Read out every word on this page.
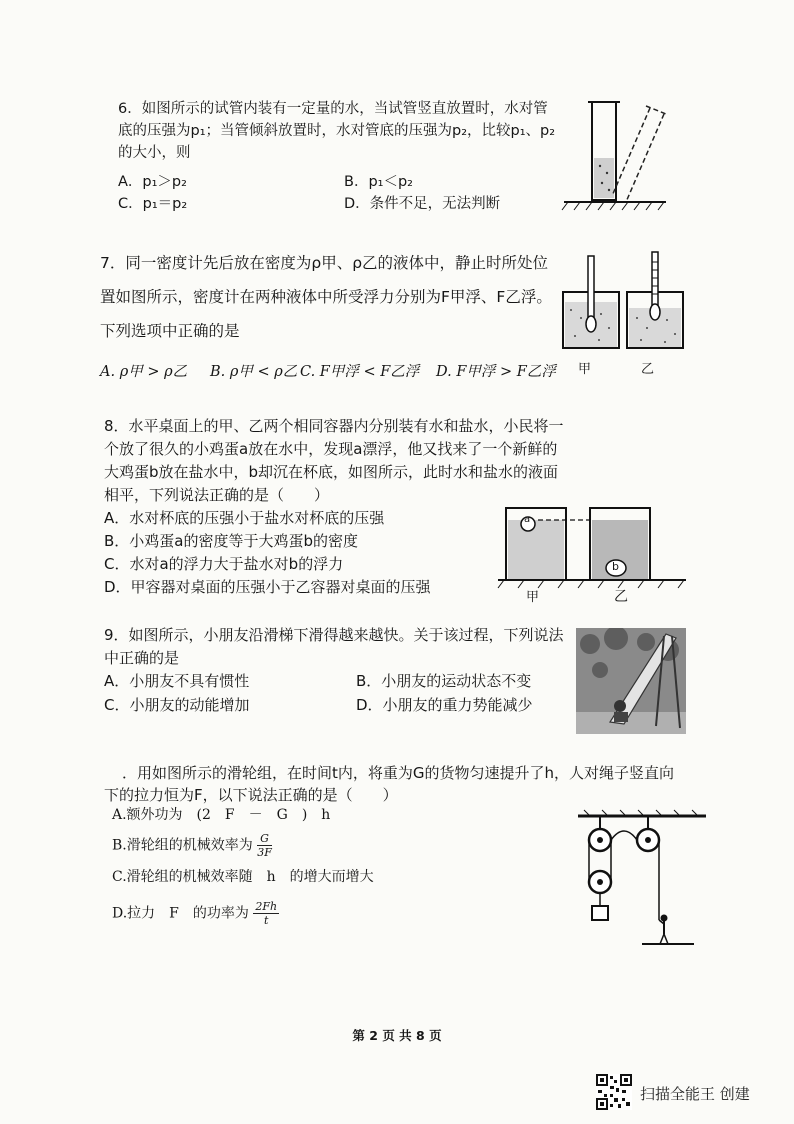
6．如图所示的试管内装有一定量的水，当试管竖直放置时，水对管底的压强为p₁；当管倾斜放置时，水对管底的压强为p₂，比较p₁、p₂的大小，则

A．p₁＞p₂	B．p₁＜p₂
C．p₁＝p₂	D．条件不足，无法判断

7．同一密度计先后放在密度为ρ甲、ρ乙的液体中，静止时所处位置如图所示，密度计在两种液体中所受浮力分别为F甲浮、F乙浮。下列选项中正确的是

A. ρ甲 > ρ乙 B. ρ甲 < ρ乙 C. F甲浮 < F乙浮 D. F甲浮 > F乙浮 甲	乙

8．水平桌面上的甲、乙两个相同容器内分别装有水和盐水，小民将一个放了很久的小鸡蛋a放在水中，发现a漂浮，他又找来了一个新鲜的大鸡蛋b放在盐水中，b却沉在杯底，如图所示，此时水和盐水的液面相平，下列说法正确的是（　　）

A．水对杯底的压强小于盐水对杯底的压强
B．小鸡蛋a的密度等于大鸡蛋b的密度
C．水对a的浮力大于盐水对b的浮力
D．甲容器对桌面的压强小于乙容器对桌面的压强
a
b
甲	乙

9．如图所示，小朋友沿滑梯下滑得越来越快。关于该过程，下列说法中正确的是

A．小朋友不具有惯性	B．小朋友的运动状态不变
C．小朋友的动能增加	D．小朋友的重力势能减少

．用如图所示的滑轮组，在时间t内，将重为G的货物匀速提升了h，人对绳子竖直向下的拉力恒为F，以下说法正确的是（　　）

A.额外功为　(2　F　－　G　)　h
B.滑轮组的机械效率为 $\frac{G}{3F}$
C.滑轮组的机械效率随　h　的增大而增大
D.拉力　F　的功率为 $\frac{2Fh}{t}$
第 2 页 共 8 页
扫描全能王 创建
